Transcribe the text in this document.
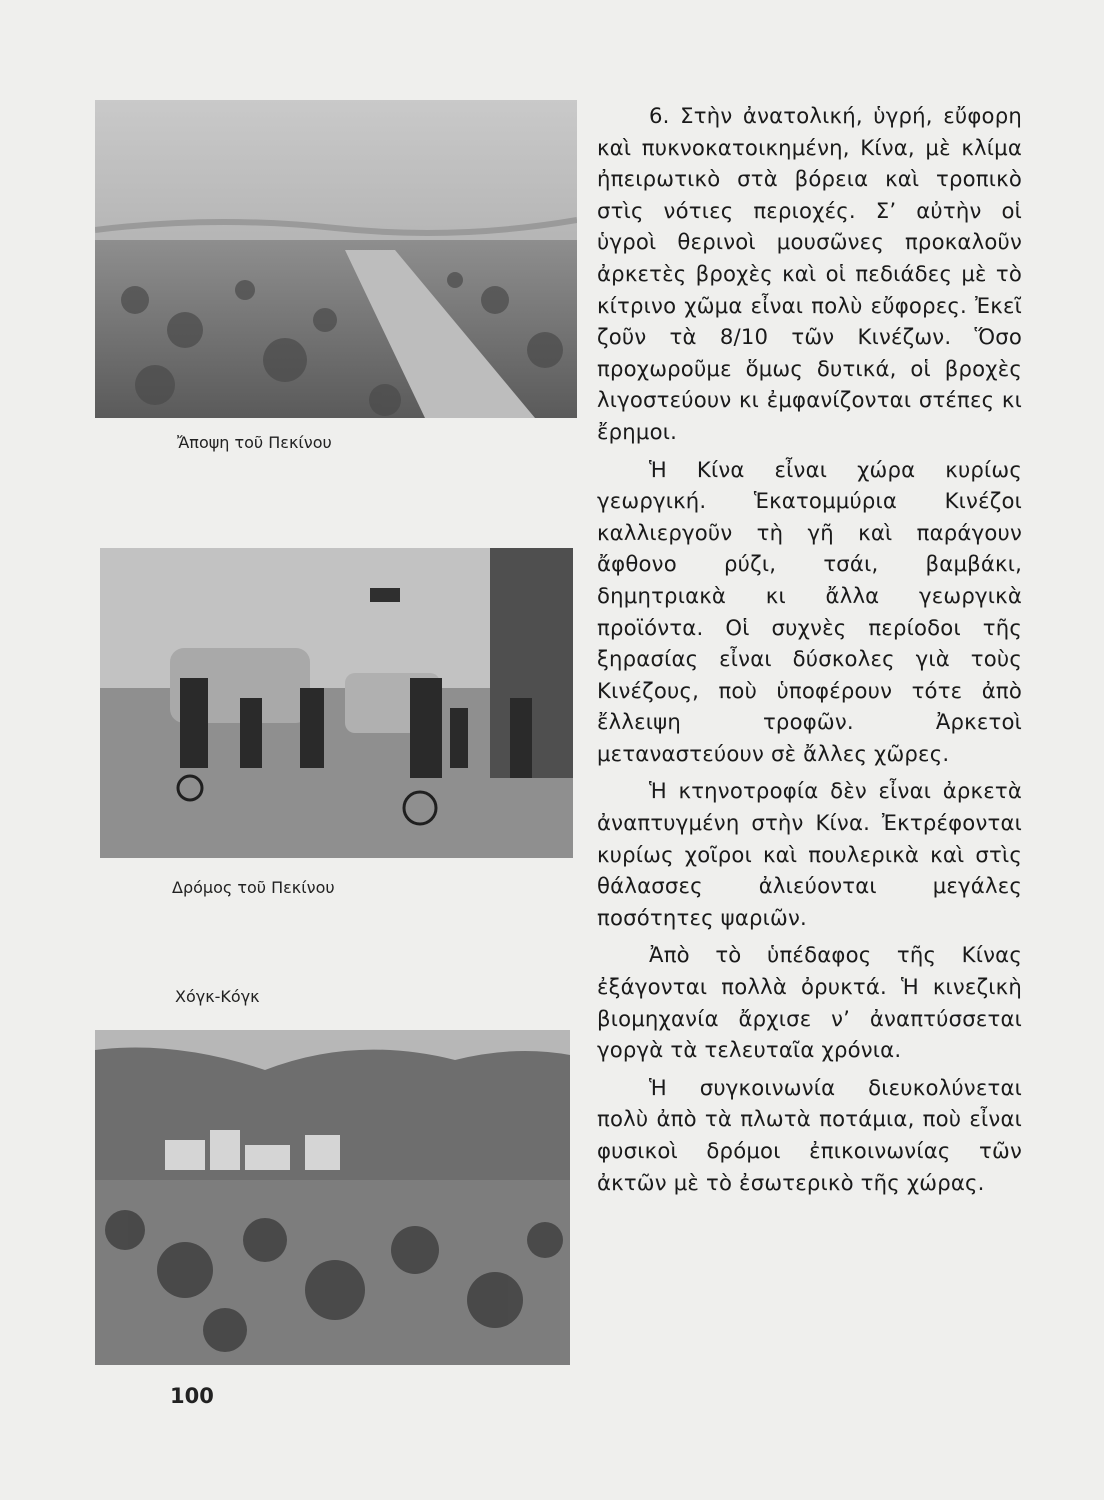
Ἄποψη τοῦ Πεκίνου
Δρόμος τοῦ Πεκίνου
Χόγκ-Κόγκ

6. Στὴν ἀνατολική, ὑγρή, εὔφορη καὶ πυκνοκατοικημένη, Κίνα, μὲ κλίμα ἠπειρωτικὸ στὰ βόρεια καὶ τροπικὸ στὶς νότιες περιοχές. Σ’ αὐτὴν οἱ ὑγροὶ θερινοὶ μουσῶνες προκαλοῦν ἀρκετὲς βροχὲς καὶ οἱ πεδιάδες μὲ τὸ κίτρινο χῶμα εἶναι πολὺ εὔφορες. Ἐκεῖ ζοῦν τὰ 8/10 τῶν Κινέζων. Ὅσο προχωροῦμε ὅμως δυτικά, οἱ βροχὲς λιγοστεύουν κι ἐμφανίζονται στέπες κι ἔρημοι.

Ἡ Κίνα εἶναι χώρα κυρίως γεωργική. Ἑκατομμύρια Κινέζοι καλλιεργοῦν τὴ γῆ καὶ παράγουν ἄφθονο ρύζι, τσάι, βαμβάκι, δημητριακὰ κι ἄλλα γεωργικὰ προϊόντα. Οἱ συχνὲς περίοδοι τῆς ξηρασίας εἶναι δύσκολες γιὰ τοὺς Κινέζους, ποὺ ὑποφέρουν τότε ἀπὸ ἔλλειψη τροφῶν. Ἀρκετοὶ μεταναστεύουν σὲ ἄλλες χῶρες.

Ἡ κτηνοτροφία δὲν εἶναι ἀρκετὰ ἀναπτυγμένη στὴν Κίνα. Ἐκτρέφονται κυρίως χοῖροι καὶ πουλερικὰ καὶ στὶς θάλασσες ἀλιεύονται μεγάλες ποσότητες ψαριῶν.

Ἀπὸ τὸ ὑπέδαφος τῆς Κίνας ἐξάγονται πολλὰ ὀρυκτά. Ἡ κινεζικὴ βιομηχανία ἄρχισε ν’ ἀναπτύσσεται γοργὰ τὰ τελευταῖα χρόνια.

Ἡ συγκοινωνία διευκολύνεται πολὺ ἀπὸ τὰ πλωτὰ ποτάμια, ποὺ εἶναι φυσικοὶ δρόμοι ἐπικοινωνίας τῶν ἀκτῶν μὲ τὸ ἐσωτερικὸ τῆς χώρας.

100
